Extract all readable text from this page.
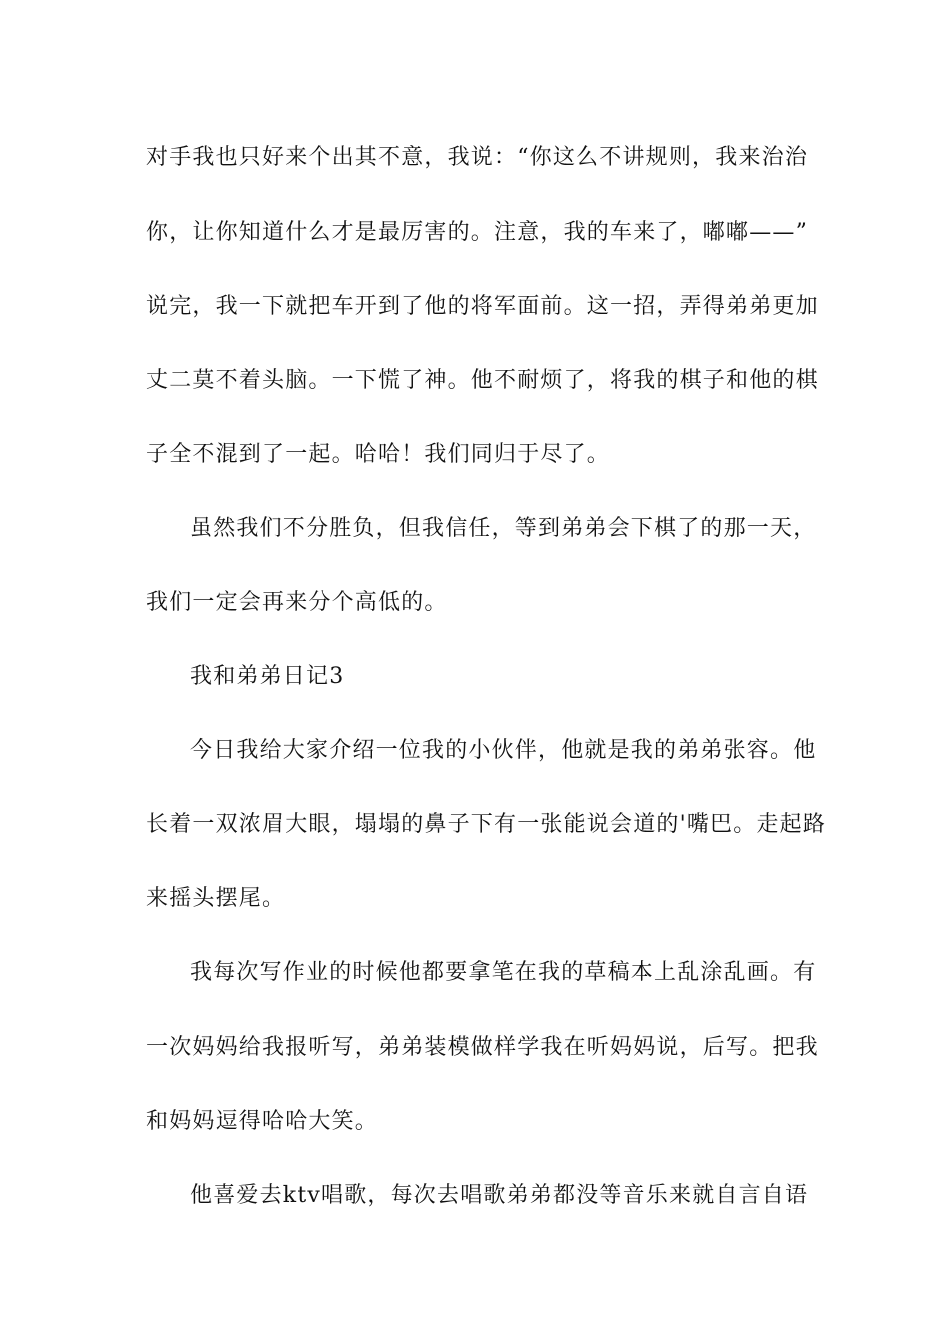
对手我也只好来个出其不意，我说：“你这么不讲规则，我来治治
你，让你知道什么才是最厉害的。注意，我的车来了，嘟嘟——”
说完，我一下就把车开到了他的将军面前。这一招，弄得弟弟更加
丈二莫不着头脑。一下慌了神。他不耐烦了，将我的棋子和他的棋
子全不混到了一起。哈哈！我们同归于尽了。
虽然我们不分胜负，但我信任，等到弟弟会下棋了的那一天，
我们一定会再来分个高低的。
我和弟弟日记3
今日我给大家介绍一位我的小伙伴，他就是我的弟弟张容。他
长着一双浓眉大眼，塌塌的鼻子下有一张能说会道的'嘴巴。走起路
来摇头摆尾。
我每次写作业的时候他都要拿笔在我的草稿本上乱涂乱画。有
一次妈妈给我报听写，弟弟装模做样学我在听妈妈说，后写。把我
和妈妈逗得哈哈大笑。
他喜爱去ktv唱歌，每次去唱歌弟弟都没等音乐来就自言自语
